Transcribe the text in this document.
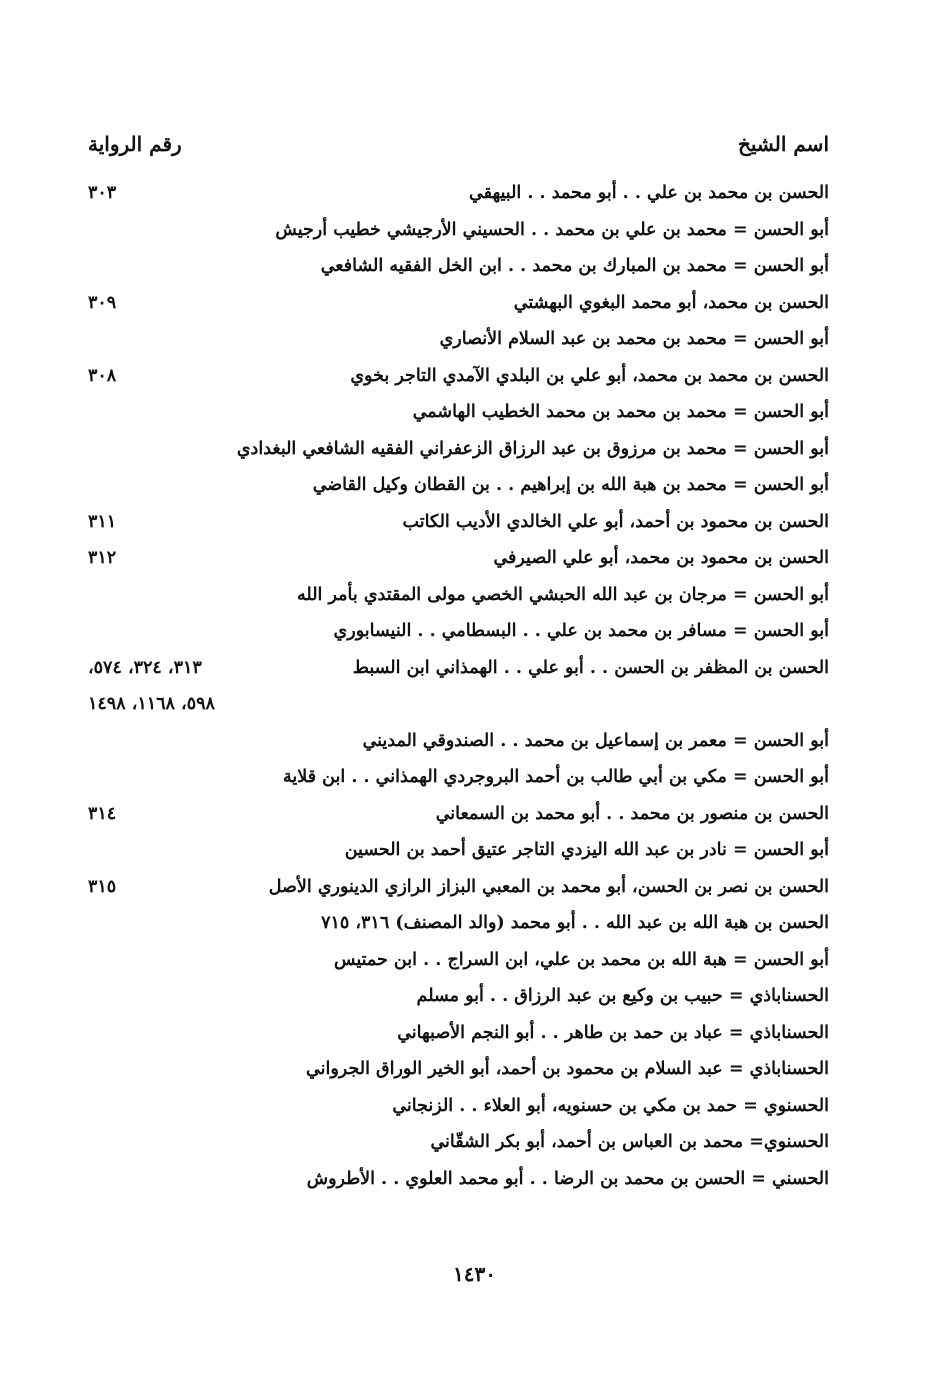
اسم الشيخ
رقم الرواية
الحسن بن محمد بن علي . . أبو محمد . . البيهقي
٣٠٣
أبو الحسن = محمد بن علي بن محمد . . الحسيني الأرجيشي خطيب أرجيش
أبو الحسن = محمد بن المبارك بن محمد . . ابن الخل الفقيه الشافعي
الحسن بن محمد، أبو محمد البغوي البهشتي
٣٠٩
أبو الحسن = محمد بن محمد بن عبد السلام الأنصاري
الحسن بن محمد بن محمد، أبو علي بن البلدي الآمدي التاجر بخوي
٣٠٨
أبو الحسن = محمد بن محمد بن محمد الخطيب الهاشمي
أبو الحسن = محمد بن مرزوق بن عبد الرزاق الزعفراني الفقيه الشافعي البغدادي
أبو الحسن = محمد بن هبة الله بن إبراهيم . . بن القطان وكيل القاضي
الحسن بن محمود بن أحمد، أبو علي الخالدي الأديب الكاتب
٣١١
الحسن بن محمود بن محمد، أبو علي الصيرفي
٣١٢
أبو الحسن = مرجان بن عبد الله الحبشي الخصي مولى المقتدي بأمر الله
أبو الحسن = مسافر بن محمد بن علي . . البسطامي . . النيسابوري
الحسن بن المظفر بن الحسن . . أبو علي . . الهمذاني ابن السبط
٣١٣، ٣٢٤، ٥٧٤،
٥٩٨، ١١٦٨، ١٤٩٨
أبو الحسن = معمر بن إسماعيل بن محمد . . الصندوقي المديني
أبو الحسن = مكي بن أبي طالب بن أحمد البروجردي الهمذاني . . ابن قلاية
الحسن بن منصور بن محمد . . أبو محمد بن السمعاني
٣١٤
أبو الحسن = نادر بن عبد الله اليزدي التاجر عتيق أحمد بن الحسين
الحسن بن نصر بن الحسن، أبو محمد بن المعبي البزاز الرازي الدينوري الأصل
٣١٥
الحسن بن هبة الله بن عبد الله . . أبو محمد (والد المصنف) ٣١٦، ٧١٥
أبو الحسن = هبة الله بن محمد بن علي، ابن السراج . . ابن حمتيس
الحسناباذي = حبيب بن وكيع بن عبد الرزاق . . أبو مسلم
الحسناباذي = عباد بن حمد بن طاهر . . أبو النجم الأصبهاني
الحسناباذي = عبد السلام بن محمود بن أحمد، أبو الخير الوراق الجرواني
الحسنوي = حمد بن مكي بن حسنويه، أبو العلاء . . الزنجاني
الحسنوي= محمد بن العباس بن أحمد، أبو بكر الشقّاني
الحسني = الحسن بن محمد بن الرضا . . أبو محمد العلوي . . الأطروش
١٤٣٠
